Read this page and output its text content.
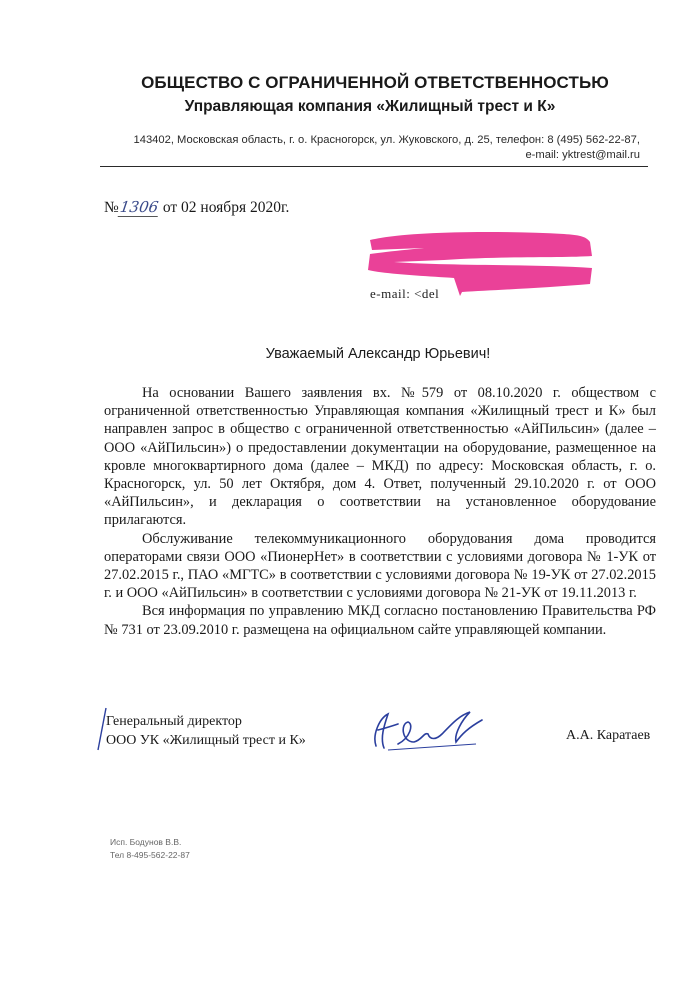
ОБЩЕСТВО С ОГРАНИЧЕННОЙ ОТВЕТСТВЕННОСТЬЮ
Управляющая компания «Жилищный трест и К»
143402, Московская область, г. о. Красногорск, ул. Жуковского, д. 25, телефон: 8 (495) 562-22-87,
e-mail: yktrest@mail.ru
№1306 от 02 ноября 2020г.
e-mail: <del
Уважаемый Александр Юрьевич!

На основании Вашего заявления вх. №579 от 08.10.2020 г. обществом с ограниченной ответственностью Управляющая компания «Жилищный трест и К» был направлен запрос в общество с ограниченной ответственностью «АйПильсин» (далее – ООО «АйПильсин») о предоставлении документации на оборудование, размещенное на кровле многоквартирного дома (далее – МКД) по адресу: Московская область, г. о. Красногорск, ул. 50 лет Октября, дом 4. Ответ, полученный 29.10.2020 г. от ООО «АйПильсин», и декларация о соответствии на установленное оборудование прилагаются.

Обслуживание телекоммуникационного оборудования дома проводится операторами связи ООО «ПионерНет» в соответствии с условиями договора № 1-УК от 27.02.2015 г., ПАО «МГТС» в соответствии с условиями договора № 19-УК от 27.02.2015 г. и ООО «АйПильсин» в соответствии с условиями договора № 21-УК от 19.11.2013 г.

Вся информация по управлению МКД согласно постановлению Правительства РФ № 731 от 23.09.2010 г. размещена на официальном сайте управляющей компании.

Генеральный директор
ООО УК «Жилищный трест и К»	А.А. Каратаев
Исп. Бодунов В.В.
Тел 8-495-562-22-87
